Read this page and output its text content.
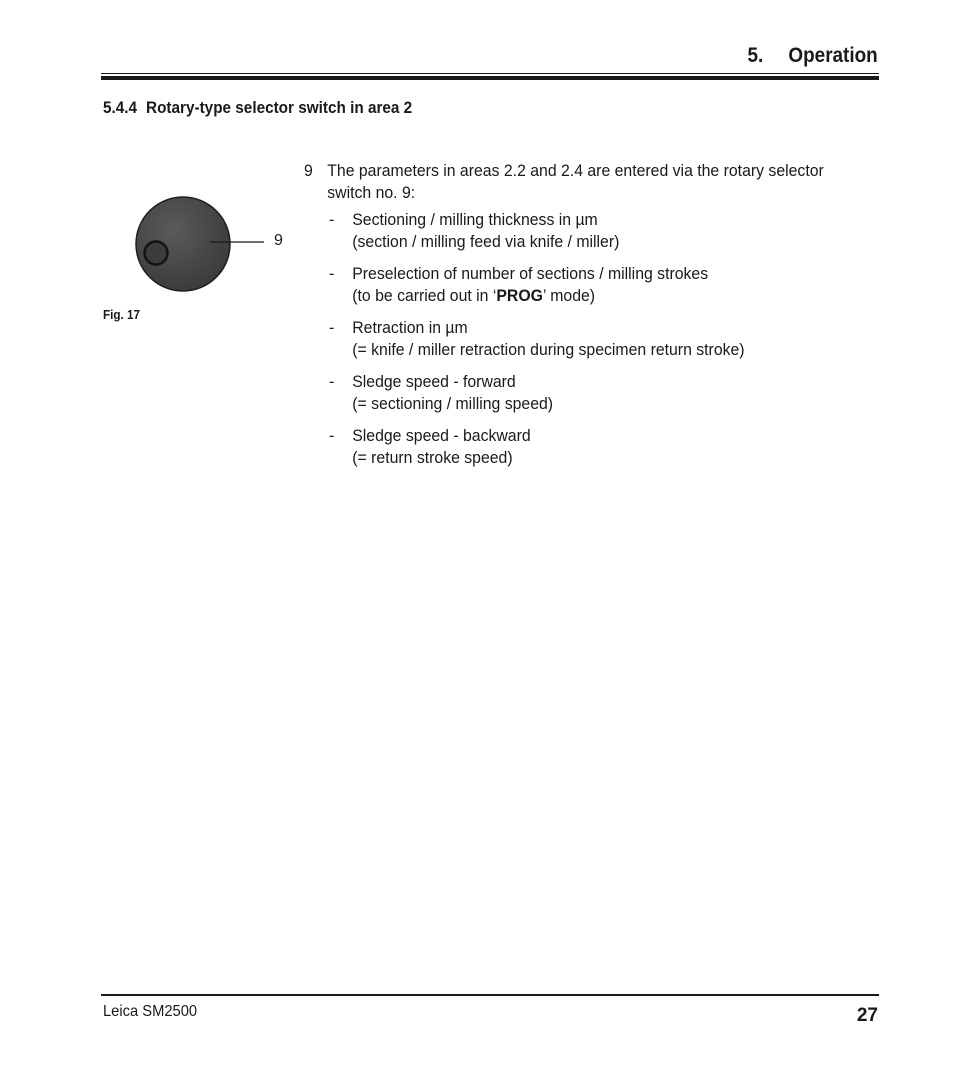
5. Operation
5.4.4 Rotary-type selector switch in area 2
9
Fig. 17
9 The parameters in areas 2.2 and 2.4 are entered via the rotary selector
switch no. 9:
-	Sectioning / milling thickness in µm
(section / milling feed via knife / miller)
-	Preselection of number of sections / milling strokes
(to be carried out in ‘PROG’ mode)
-	Retraction in µm
(= knife / miller retraction during specimen return stroke)
-	Sledge speed - forward
(= sectioning / milling speed)
-	Sledge speed - backward
(= return stroke speed)
Leica SM2500	27
